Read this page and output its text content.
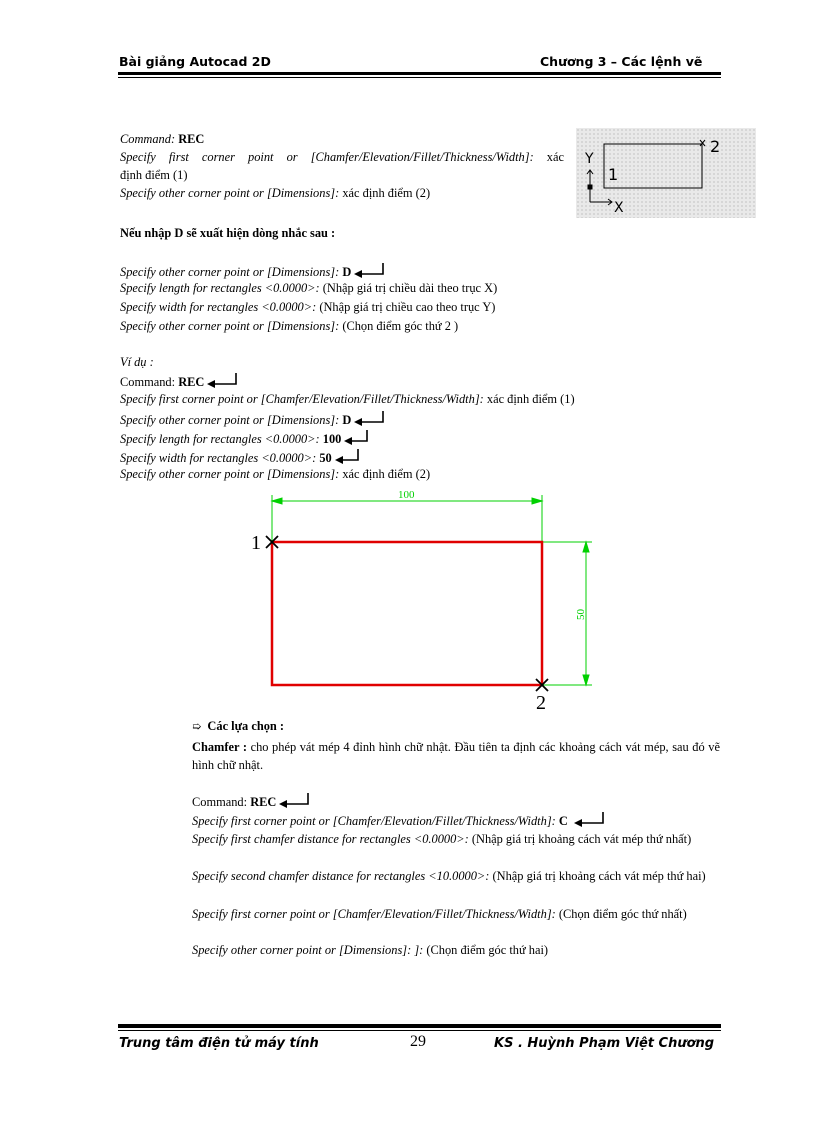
Bài giảng Autocad 2D	Chương 3 – Các lệnh vẽ
Y
X
1
2
Command: REC
Specify first corner point or [Chamfer/Elevation/Fillet/Thickness/Width]: xác
định điểm (1)
Specify other corner point or [Dimensions]: xác định điểm (2)
Nếu nhập D sẽ xuất hiện dòng nhắc sau :
Specify other corner point or [Dimensions]: D
Specify length for rectangles <0.0000>: (Nhập giá trị chiều dài theo trục X)
Specify width for rectangles <0.0000>: (Nhập giá trị chiều cao theo trục Y)
Specify other corner point or [Dimensions]: (Chọn điểm góc thứ 2 )
Ví dụ :
Command: REC
Specify first corner point or [Chamfer/Elevation/Fillet/Thickness/Width]: xác định điểm (1)
Specify other corner point or [Dimensions]: D
Specify length for rectangles <0.0000>: 100
Specify width for rectangles <0.0000>: 50
Specify other corner point or [Dimensions]: xác định điểm (2)
100
50
1
2
➯ Các lựa chọn :
Chamfer : cho phép vát mép 4 đỉnh hình chữ nhật. Đầu tiên ta định các khoảng cách vát mép, sau đó vẽ hình chữ nhật.
Command: REC
Specify first corner point or [Chamfer/Elevation/Fillet/Thickness/Width]: C
Specify first chamfer distance for rectangles <0.0000>: (Nhập giá trị khoảng cách vát mép thứ nhất)
Specify second chamfer distance for rectangles <10.0000>: (Nhập giá trị khoảng cách vát mép thứ hai)
Specify first corner point or [Chamfer/Elevation/Fillet/Thickness/Width]: (Chọn điểm góc thứ nhất)
Specify other corner point or [Dimensions]: ]: (Chọn điểm góc thứ hai)
Trung tâm điện tử máy tính	29	KS . Huỳnh Phạm Việt Chương
